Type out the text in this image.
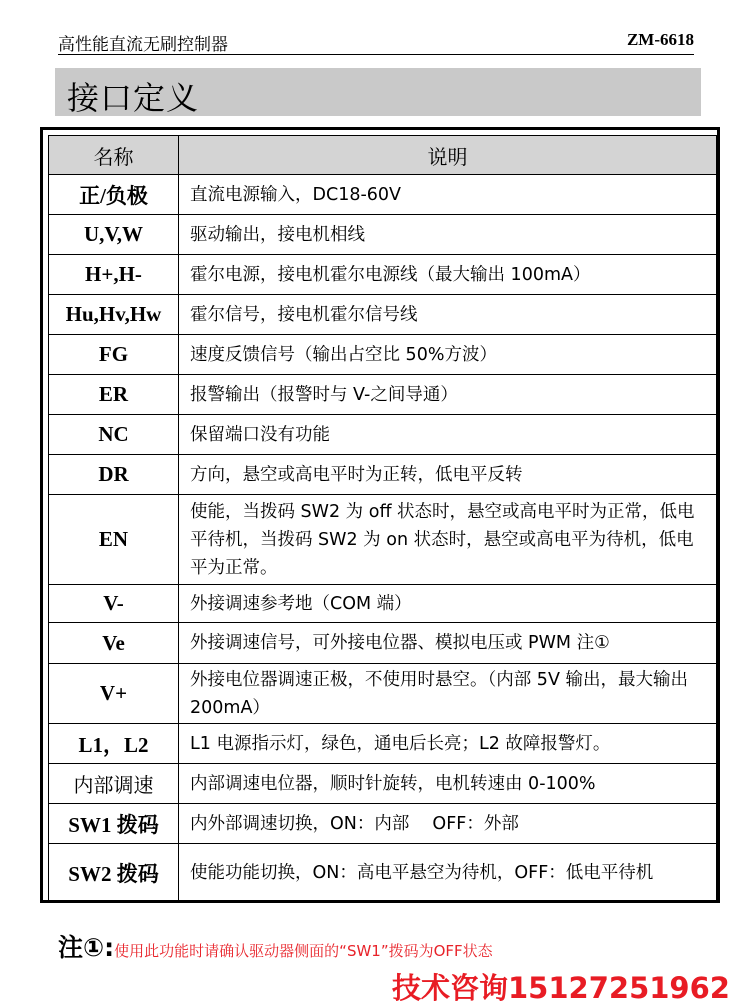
高性能直流无刷控制器	ZM-6618
接口定义
名称	说明
正/负极	直流电源输入，DC18-60V
U,V,W	驱动输出，接电机相线
H+,H-	霍尔电源，接电机霍尔电源线（最大输出 100mA）
Hu,Hv,Hw	霍尔信号，接电机霍尔信号线
FG	速度反馈信号（输出占空比 50%方波）
ER	报警输出（报警时与 V-之间导通）
NC	保留端口没有功能
DR	方向，悬空或高电平时为正转，低电平反转
EN	使能，当拨码 SW2 为 off 状态时，悬空或高电平时为正常，低电平待机，当拨码 SW2 为 on 状态时，悬空或高电平为待机，低电平为正常。
V-	外接调速参考地（COM 端）
Ve	外接调速信号，可外接电位器、模拟电压或 PWM 注①
V+	外接电位器调速正极，不使用时悬空。（内部 5V 输出，最大输出 200mA）
L1，L2	L1 电源指示灯，绿色，通电后长亮；L2 故障报警灯。
内部调速	内部调速电位器，顺时针旋转，电机转速由 0-100%
SW1 拨码	内外部调速切换，ON：内部　 OFF：外部
SW2 拨码	使能功能切换，ON：高电平悬空为待机，OFF：低电平待机
注①:使用此功能时请确认驱动器侧面的“SW1”拨码为OFF状态
技术咨询15127251962
